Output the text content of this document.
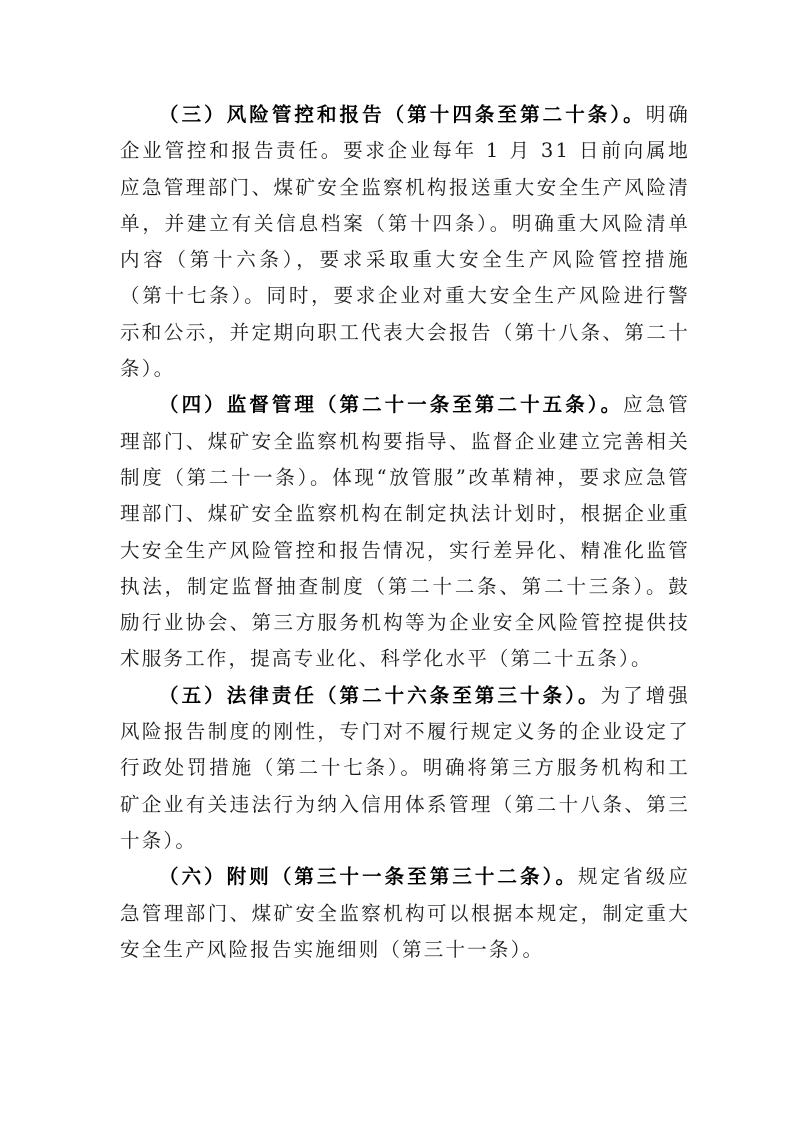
（三）风险管控和报告（第十四条至第二十条）。明确企业管控和报告责任。要求企业每年 1 月 31 日前向属地应急管理部门、煤矿安全监察机构报送重大安全生产风险清单，并建立有关信息档案（第十四条）。明确重大风险清单内容（第十六条），要求采取重大安全生产风险管控措施（第十七条）。同时，要求企业对重大安全生产风险进行警示和公示，并定期向职工代表大会报告（第十八条、第二十条）。

（四）监督管理（第二十一条至第二十五条）。应急管理部门、煤矿安全监察机构要指导、监督企业建立完善相关制度（第二十一条）。体现“放管服”改革精神，要求应急管理部门、煤矿安全监察机构在制定执法计划时，根据企业重大安全生产风险管控和报告情况，实行差异化、精准化监管执法，制定监督抽查制度（第二十二条、第二十三条）。鼓励行业协会、第三方服务机构等为企业安全风险管控提供技术服务工作，提高专业化、科学化水平（第二十五条）。

（五）法律责任（第二十六条至第三十条）。为了增强风险报告制度的刚性，专门对不履行规定义务的企业设定了行政处罚措施（第二十七条）。明确将第三方服务机构和工矿企业有关违法行为纳入信用体系管理（第二十八条、第三十条）。

（六）附则（第三十一条至第三十二条）。规定省级应急管理部门、煤矿安全监察机构可以根据本规定，制定重大安全生产风险报告实施细则（第三十一条）。
